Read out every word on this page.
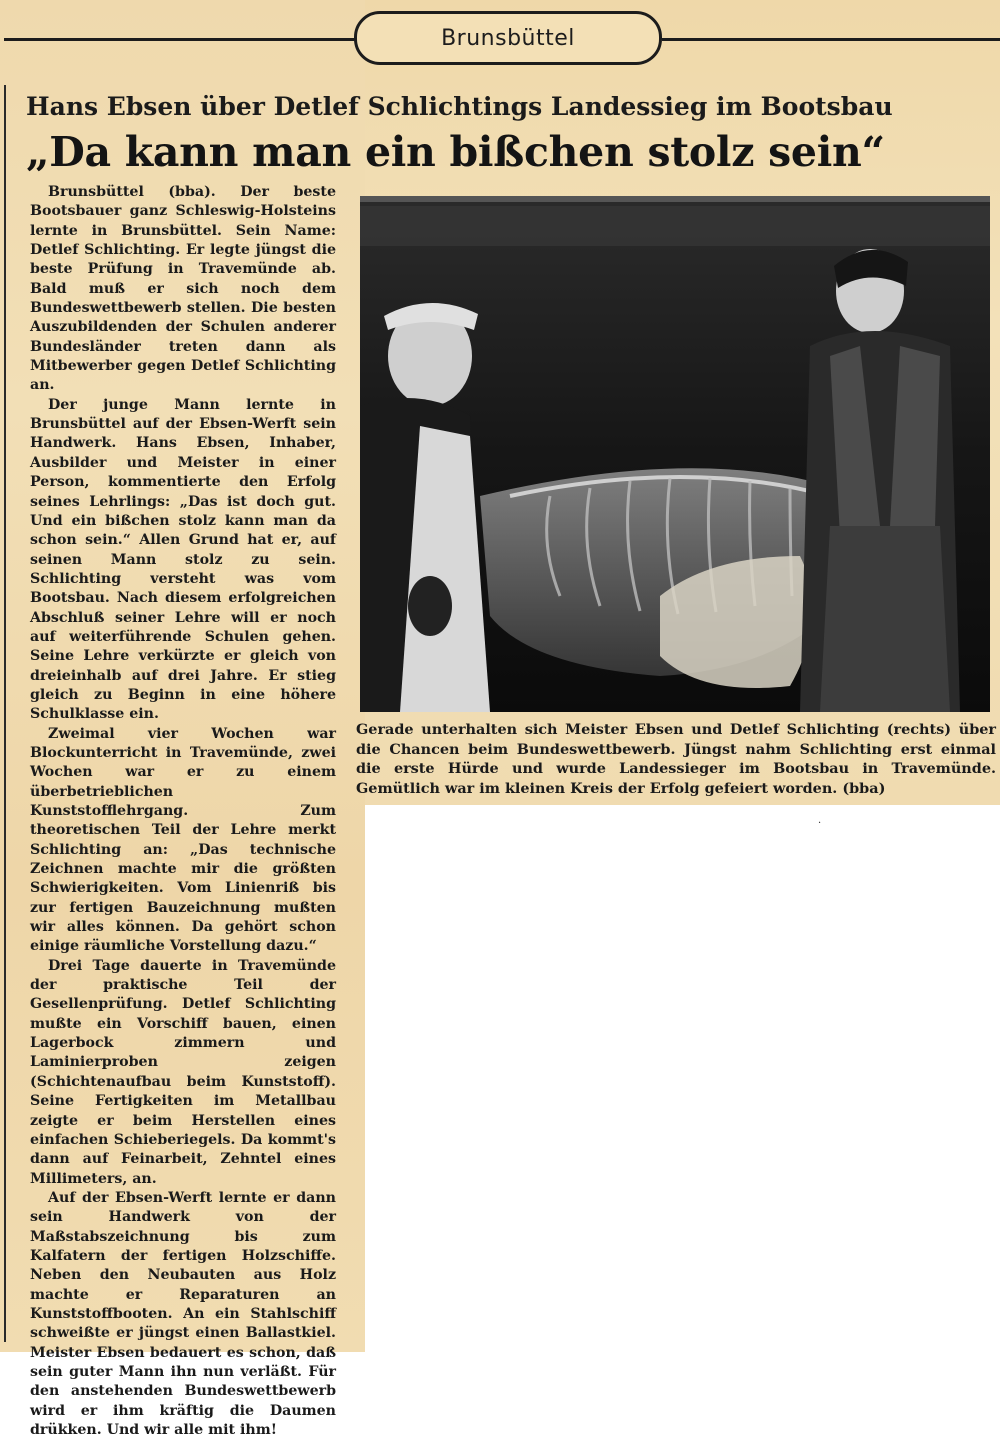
Brunsbüttel
Hans Ebsen über Detlef Schlichtings Landessieg im Bootsbau
„Da kann man ein bißchen stolz sein“

Brunsbüttel (bba). Der beste Bootsbauer ganz Schleswig-Holsteins lernte in Brunsbüttel. Sein Name: Detlef Schlichting. Er legte jüngst die beste Prüfung in Travemünde ab. Bald muß er sich noch dem Bundeswettbewerb stellen. Die besten Auszubildenden der Schulen anderer Bundesländer treten dann als Mitbewerber gegen Detlef Schlichting an.

Der junge Mann lernte in Brunsbüttel auf der Ebsen-Werft sein Handwerk. Hans Ebsen, Inhaber, Ausbilder und Meister in einer Person, kommentierte den Erfolg seines Lehrlings: „Das ist doch gut. Und ein bißchen stolz kann man da schon sein.“ Allen Grund hat er, auf seinen Mann stolz zu sein. Schlichting versteht was vom Bootsbau. Nach diesem erfolgreichen Abschluß seiner Lehre will er noch auf weiterführende Schulen gehen. Seine Lehre verkürzte er gleich von dreieinhalb auf drei Jahre. Er stieg gleich zu Beginn in eine höhere Schulklasse ein.

Zweimal vier Wochen war Blockunterricht in Travemünde, zwei Wochen war er zu einem überbetrieblichen Kunststofflehrgang. Zum theoretischen Teil der Lehre merkt Schlichting an: „Das technische Zeichnen machte mir die größten Schwierigkeiten. Vom Linienriß bis zur fertigen Bauzeichnung mußten wir alles können. Da gehört schon einige räumliche Vorstellung dazu.“

Drei Tage dauerte in Travemünde der praktische Teil der Gesellenprüfung. Detlef Schlichting mußte ein Vorschiff bauen, einen Lagerbock zimmern und Laminierproben zeigen (Schichtenaufbau beim Kunststoff). Seine Fertigkeiten im Metallbau zeigte er beim Herstellen eines einfachen Schieberiegels. Da kommt's dann auf Feinarbeit, Zehntel eines Millimeters, an.

Auf der Ebsen-Werft lernte er dann sein Handwerk von der Maßstabszeichnung bis zum Kalfatern der fertigen Holzschiffe. Neben den Neubauten aus Holz machte er Reparaturen an Kunststoffbooten. An ein Stahlschiff schweißte er jüngst einen Ballastkiel. Meister Ebsen bedauert es schon, daß sein guter Mann ihn nun verläßt. Für den anstehenden Bundeswettbewerb wird er ihm kräftig die Daumen drükken. Und wir alle mit ihm!

Gerade unterhalten sich Meister Ebsen und Detlef Schlichting (rechts) über die Chancen beim Bundeswettbewerb. Jüngst nahm Schlichting erst einmal die erste Hürde und wurde Landessieger im Bootsbau in Travemünde. Gemütlich war im kleinen Kreis der Erfolg gefeiert worden. (bba)
·
